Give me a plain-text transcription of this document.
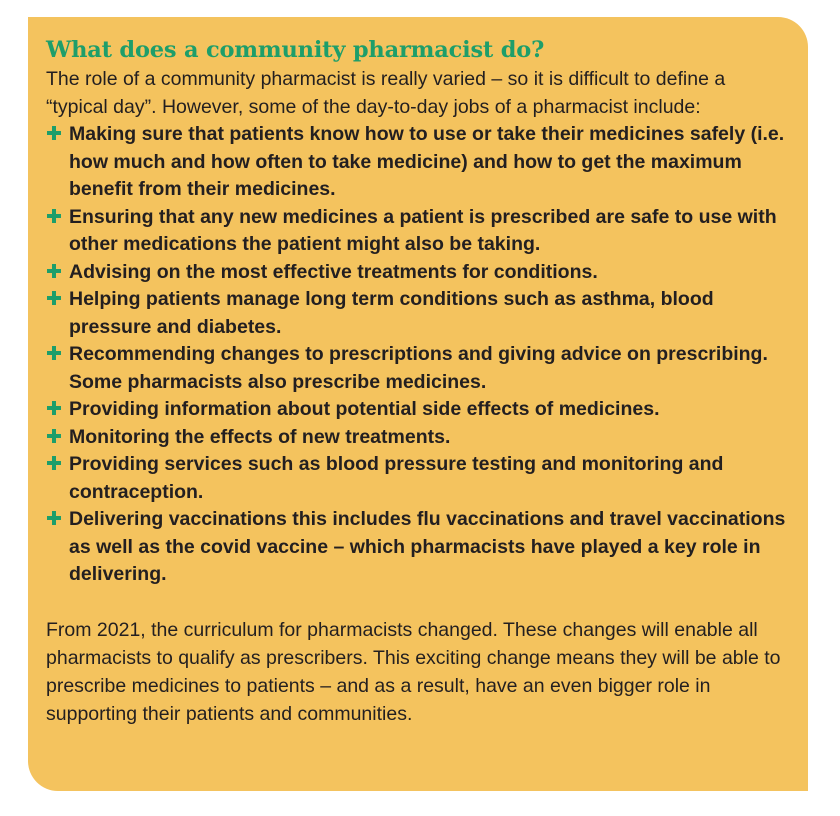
What does a community pharmacist do?

The role of a community pharmacist is really varied – so it is difficult to define a “typical day”. However, some of the day-to-day jobs of a pharmacist include:

Making sure that patients know how to use or take their medicines safely (i.e. how much and how often to take medicine) and how to get the maximum benefit from their medicines.
Ensuring that any new medicines a patient is prescribed are safe to use with other medications the patient might also be taking.
Advising on the most effective treatments for conditions.
Helping patients manage long term conditions such as asthma, blood pressure and diabetes.
Recommending changes to prescriptions and giving advice on prescribing. Some pharmacists also prescribe medicines.
Providing information about potential side effects of medicines.
Monitoring the effects of new treatments.
Providing services such as blood pressure testing and monitoring and contraception.
Delivering vaccinations this includes flu vaccinations and travel vaccinations as well as the covid vaccine – which pharmacists have played a key role in delivering.

From 2021, the curriculum for pharmacists changed. These changes will enable all pharmacists to qualify as prescribers. This exciting change means they will be able to prescribe medicines to patients – and as a result, have an even bigger role in supporting their patients and communities.
